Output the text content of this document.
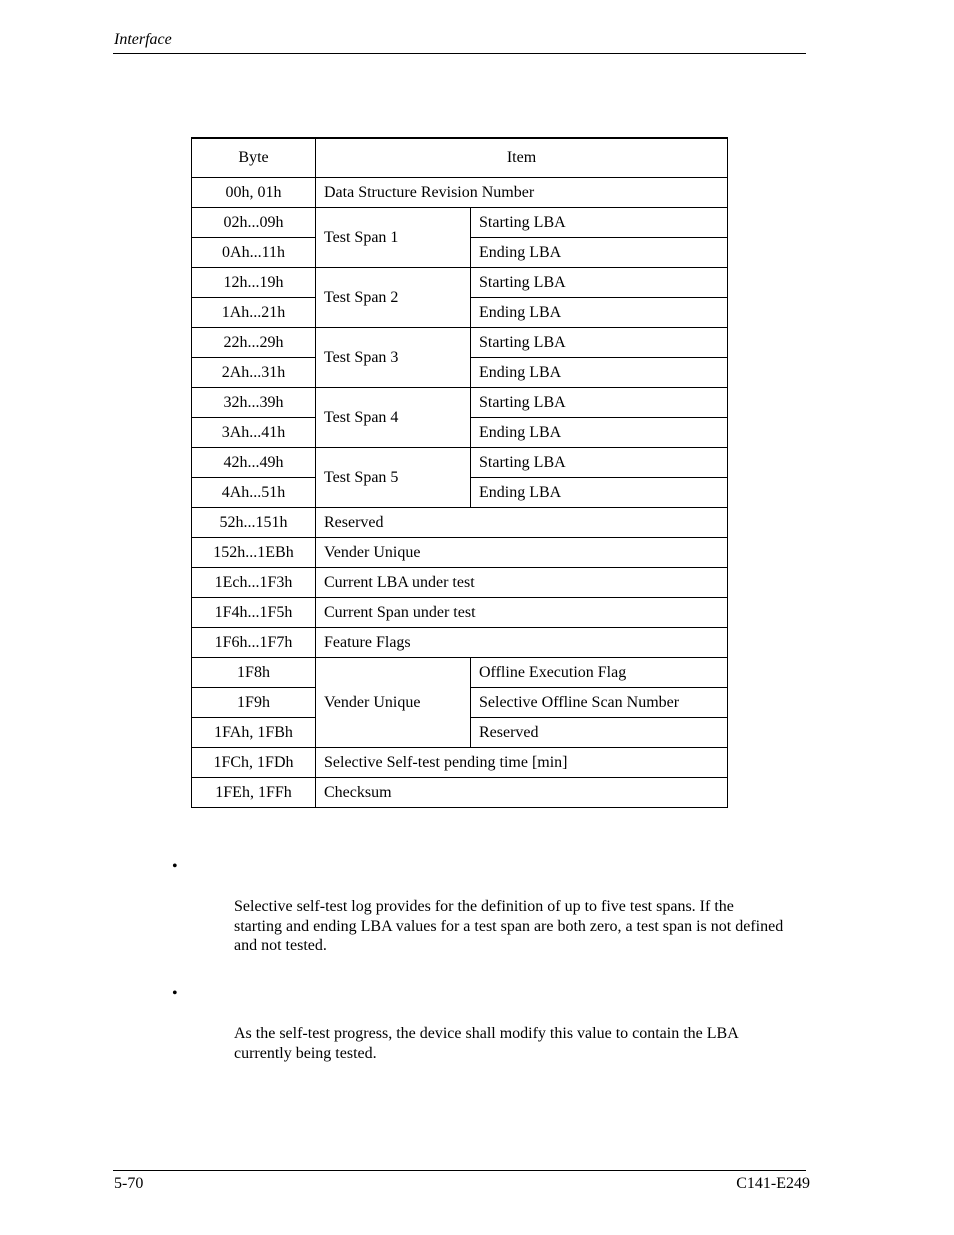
Interface
Byte	Item	
00h, 01h	Data Structure Revision Number	
02h...09h	Test Span 1	Starting LBA
0Ah...11h		Ending LBA
12h...19h	Test Span 2	Starting LBA
1Ah...21h		Ending LBA
22h...29h	Test Span 3	Starting LBA
2Ah...31h		Ending LBA
32h...39h	Test Span 4	Starting LBA
3Ah...41h		Ending LBA
42h...49h	Test Span 5	Starting LBA
4Ah...51h		Ending LBA
52h...151h	Reserved	
152h...1EBh	Vender Unique	
1Ech...1F3h	Current LBA under test	
1F4h...1F5h	Current Span under test	
1F6h...1F7h	Feature Flags	
1F8h	Vender Unique	Offline Execution Flag
1F9h		Selective Offline Scan Number
1FAh, 1FBh		Reserved
1FCh, 1FDh	Selective Self-test pending time [min]	
1FEh, 1FFh	Checksum	
•
Selective self-test log provides for the definition of up to five test spans. If the starting and ending LBA values for a test span are both zero, a test span is not defined and not tested.
•
As the self-test progress, the device shall modify this value to contain the LBA currently being tested.
5-70	C141-E249
